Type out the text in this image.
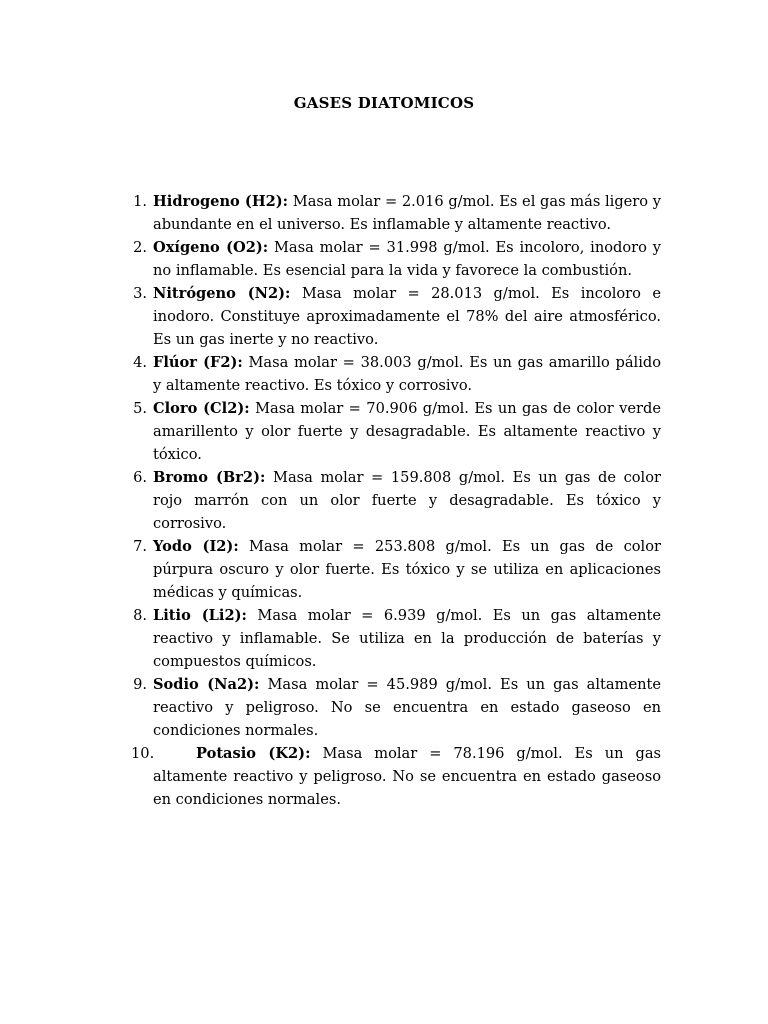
GASES DIATOMICOS
1. Hidrogeno (H2): Masa molar = 2.016 g/mol. Es el gas más ligero y abundante en el universo. Es inflamable y altamente reactivo.
2. Oxígeno (O2): Masa molar = 31.998 g/mol. Es incoloro, inodoro y no inflamable. Es esencial para la vida y favorece la combustión.
3. Nitrógeno (N2): Masa molar = 28.013 g/mol. Es incoloro e inodoro. Constituye aproximadamente el 78% del aire atmosférico. Es un gas inerte y no reactivo.
4. Flúor (F2): Masa molar = 38.003 g/mol. Es un gas amarillo pálido y altamente reactivo. Es tóxico y corrosivo.
5. Cloro (Cl2): Masa molar = 70.906 g/mol. Es un gas de color verde amarillento y olor fuerte y desagradable. Es altamente reactivo y tóxico.
6. Bromo (Br2): Masa molar = 159.808 g/mol. Es un gas de color rojo marrón con un olor fuerte y desagradable. Es tóxico y corrosivo.
7. Yodo (I2): Masa molar = 253.808 g/mol. Es un gas de color púrpura oscuro y olor fuerte. Es tóxico y se utiliza en aplicaciones médicas y químicas.
8. Litio (Li2): Masa molar = 6.939 g/mol. Es un gas altamente reactivo y inflamable. Se utiliza en la producción de baterías y compuestos químicos.
9. Sodio (Na2): Masa molar = 45.989 g/mol. Es un gas altamente reactivo y peligroso. No se encuentra en estado gaseoso en condiciones normales.
10.	Potasio (K2): Masa molar = 78.196 g/mol. Es un gas altamente reactivo y peligroso. No se encuentra en estado gaseoso en condiciones normales.
